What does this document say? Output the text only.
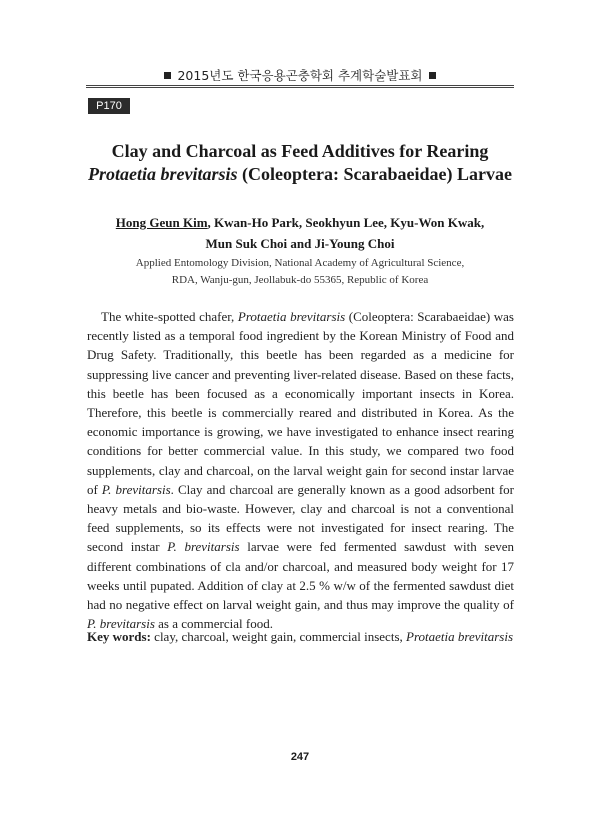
2015년도 한국응용곤충학회 추계학술발표회
P170
Clay and Charcoal as Feed Additives for Rearing
Protaetia brevitarsis (Coleoptera: Scarabaeidae) Larvae
Hong Geun Kim, Kwan-Ho Park, Seokhyun Lee, Kyu-Won Kwak,
Mun Suk Choi and Ji-Young Choi
Applied Entomology Division, National Academy of Agricultural Science,
RDA, Wanju-gun, Jeollabuk-do 55365, Republic of Korea

The white-spotted chafer, Protaetia brevitarsis (Coleoptera: Scarabaeidae) was recently listed as a temporal food ingredient by the Korean Ministry of Food and Drug Safety. Traditionally, this beetle has been regarded as a medicine for suppressing live cancer and preventing liver-related disease. Based on these facts, this beetle has been focused as a economically important insects in Korea. Therefore, this beetle is commercially reared and distributed in Korea. As the economic importance is growing, we have investigated to enhance insect rearing conditions for better commercial value. In this study, we compared two food supplements, clay and charcoal, on the larval weight gain for second instar larvae of P. brevitarsis. Clay and charcoal are generally known as a good adsorbent for heavy metals and bio-waste. However, clay and charcoal is not a conventional feed supplements, so its effects were not investigated for insect rearing. The second instar P. brevitarsis larvae were fed fermented sawdust with seven different combinations of cla and/or charcoal, and measured body weight for 17 weeks until pupated. Addition of clay at 2.5 % w/w of the fermented sawdust diet had no negative effect on larval weight gain, and thus may improve the quality of P. brevitarsis as a commercial food.

Key words: clay, charcoal, weight gain, commercial insects, Protaetia brevitarsis
247
